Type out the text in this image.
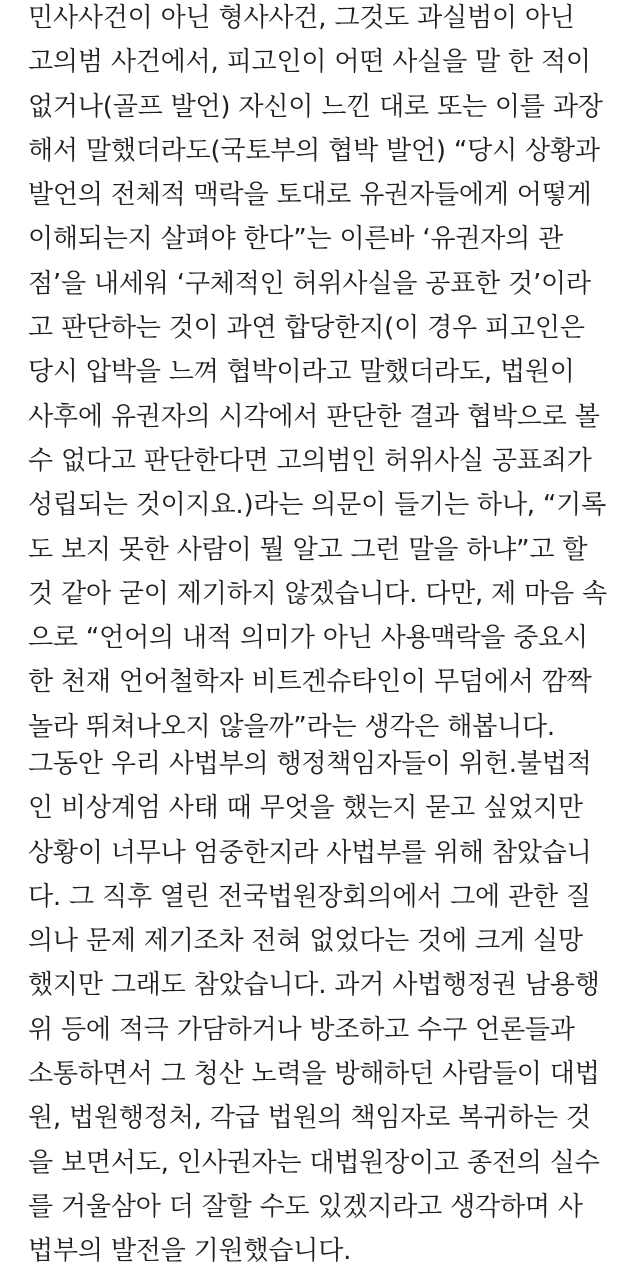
민사사건이 아닌 형사사건, 그것도 과실범이 아닌
고의범 사건에서, 피고인이 어떤 사실을 말 한 적이
없거나(골프 발언) 자신이 느낀 대로 또는 이를 과장
해서 말했더라도(국토부의 협박 발언) “당시 상황과
발언의 전체적 맥락을 토대로 유권자들에게 어떻게
이해되는지 살펴야 한다”는 이른바 ‘유권자의 관
점’을 내세워 ‘구체적인 허위사실을 공표한 것’이라
고 판단하는 것이 과연 합당한지(이 경우 피고인은
당시 압박을 느껴 협박이라고 말했더라도, 법원이
사후에 유권자의 시각에서 판단한 결과 협박으로 볼
수 없다고 판단한다면 고의범인 허위사실 공표죄가
성립되는 것이지요.)라는 의문이 들기는 하나, “기록
도 보지 못한 사람이 뭘 알고 그런 말을 하냐”고 할
것 같아 굳이 제기하지 않겠습니다. 다만, 제 마음 속
으로 “언어의 내적 의미가 아닌 사용맥락을 중요시
한 천재 언어철학자 비트겐슈타인이 무덤에서 깜짝
놀라 뛰쳐나오지 않을까”라는 생각은 해봅니다.
그동안 우리 사법부의 행정책임자들이 위헌.불법적
인 비상계엄 사태 때 무엇을 했는지 묻고 싶었지만
상황이 너무나 엄중한지라 사법부를 위해 참았습니
다. 그 직후 열린 전국법원장회의에서 그에 관한 질
의나 문제 제기조차 전혀 없었다는 것에 크게 실망
했지만 그래도 참았습니다. 과거 사법행정권 남용행
위 등에 적극 가담하거나 방조하고 수구 언론들과
소통하면서 그 청산 노력을 방해하던 사람들이 대법
원, 법원행정처, 각급 법원의 책임자로 복귀하는 것
을 보면서도, 인사권자는 대법원장이고 종전의 실수
를 거울삼아 더 잘할 수도 있겠지라고 생각하며 사
법부의 발전을 기원했습니다.
